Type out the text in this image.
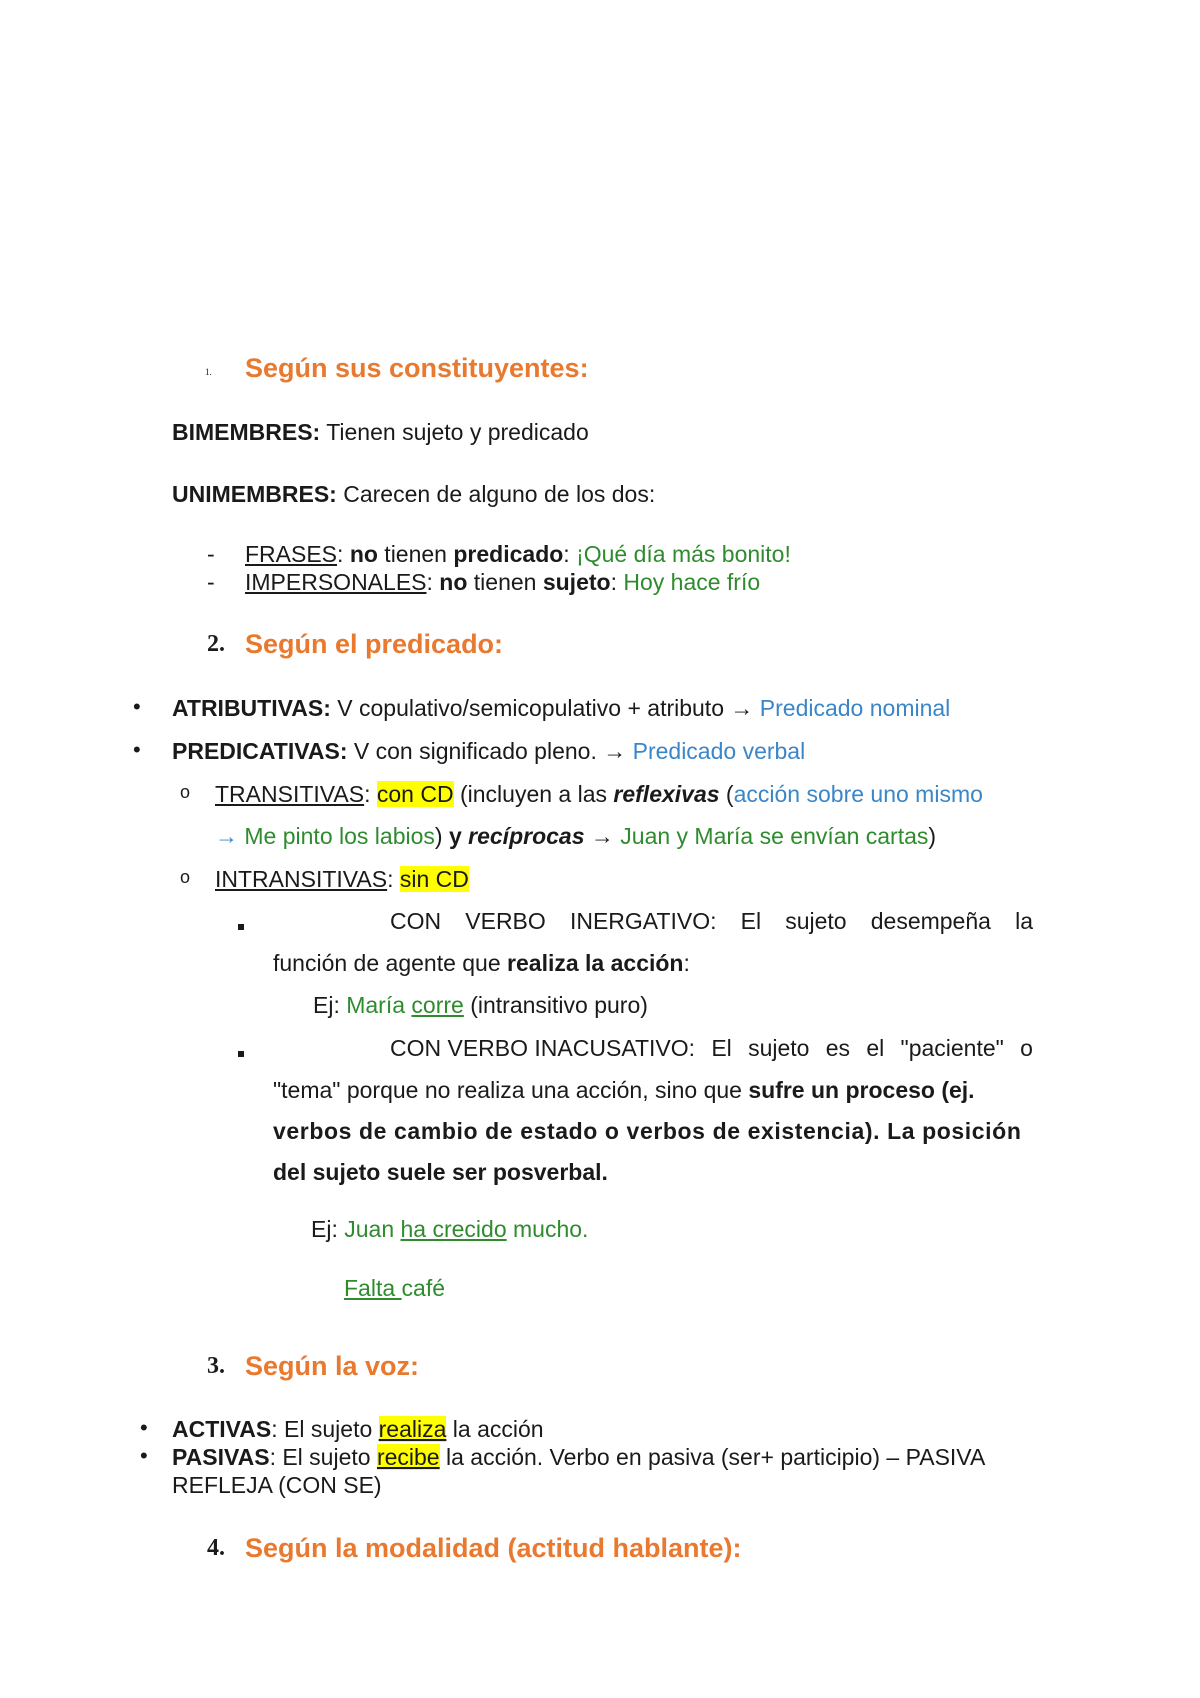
1. Según sus constituyentes:
BIMEMBRES: Tienen sujeto y predicado
UNIMEMBRES: Carecen de alguno de los dos:
- FRASES: no tienen predicado: ¡Qué día más bonito!
- IMPERSONALES: no tienen sujeto: Hoy hace frío
2. Según el predicado:
• ATRIBUTIVAS: V copulativo/semicopulativo + atributo → Predicado nominal
• PREDICATIVAS: V con significado pleno. → Predicado verbal
o TRANSITIVAS: con CD (incluyen a las reflexivas (acción sobre uno mismo
→ Me pinto los labios) y recíprocas → Juan y María se envían cartas)
o INTRANSITIVAS: sin CD
CON VERBO INERGATIVO: El sujeto desempeña la
función de agente que realiza la acción:
Ej: María corre (intransitivo puro)
CON VERBO INACUSATIVO: El sujeto es el "paciente" o
"tema" porque no realiza una acción, sino que sufre un proceso (ej.
verbos de cambio de estado o verbos de existencia). La posición
del sujeto suele ser posverbal.
Ej: Juan ha crecido mucho.
Falta café
3. Según la voz:
• ACTIVAS: El sujeto realiza la acción
• PASIVAS: El sujeto recibe la acción. Verbo en pasiva (ser+ participio) – PASIVA
REFLEJA (CON SE)
4. Según la modalidad (actitud hablante):
